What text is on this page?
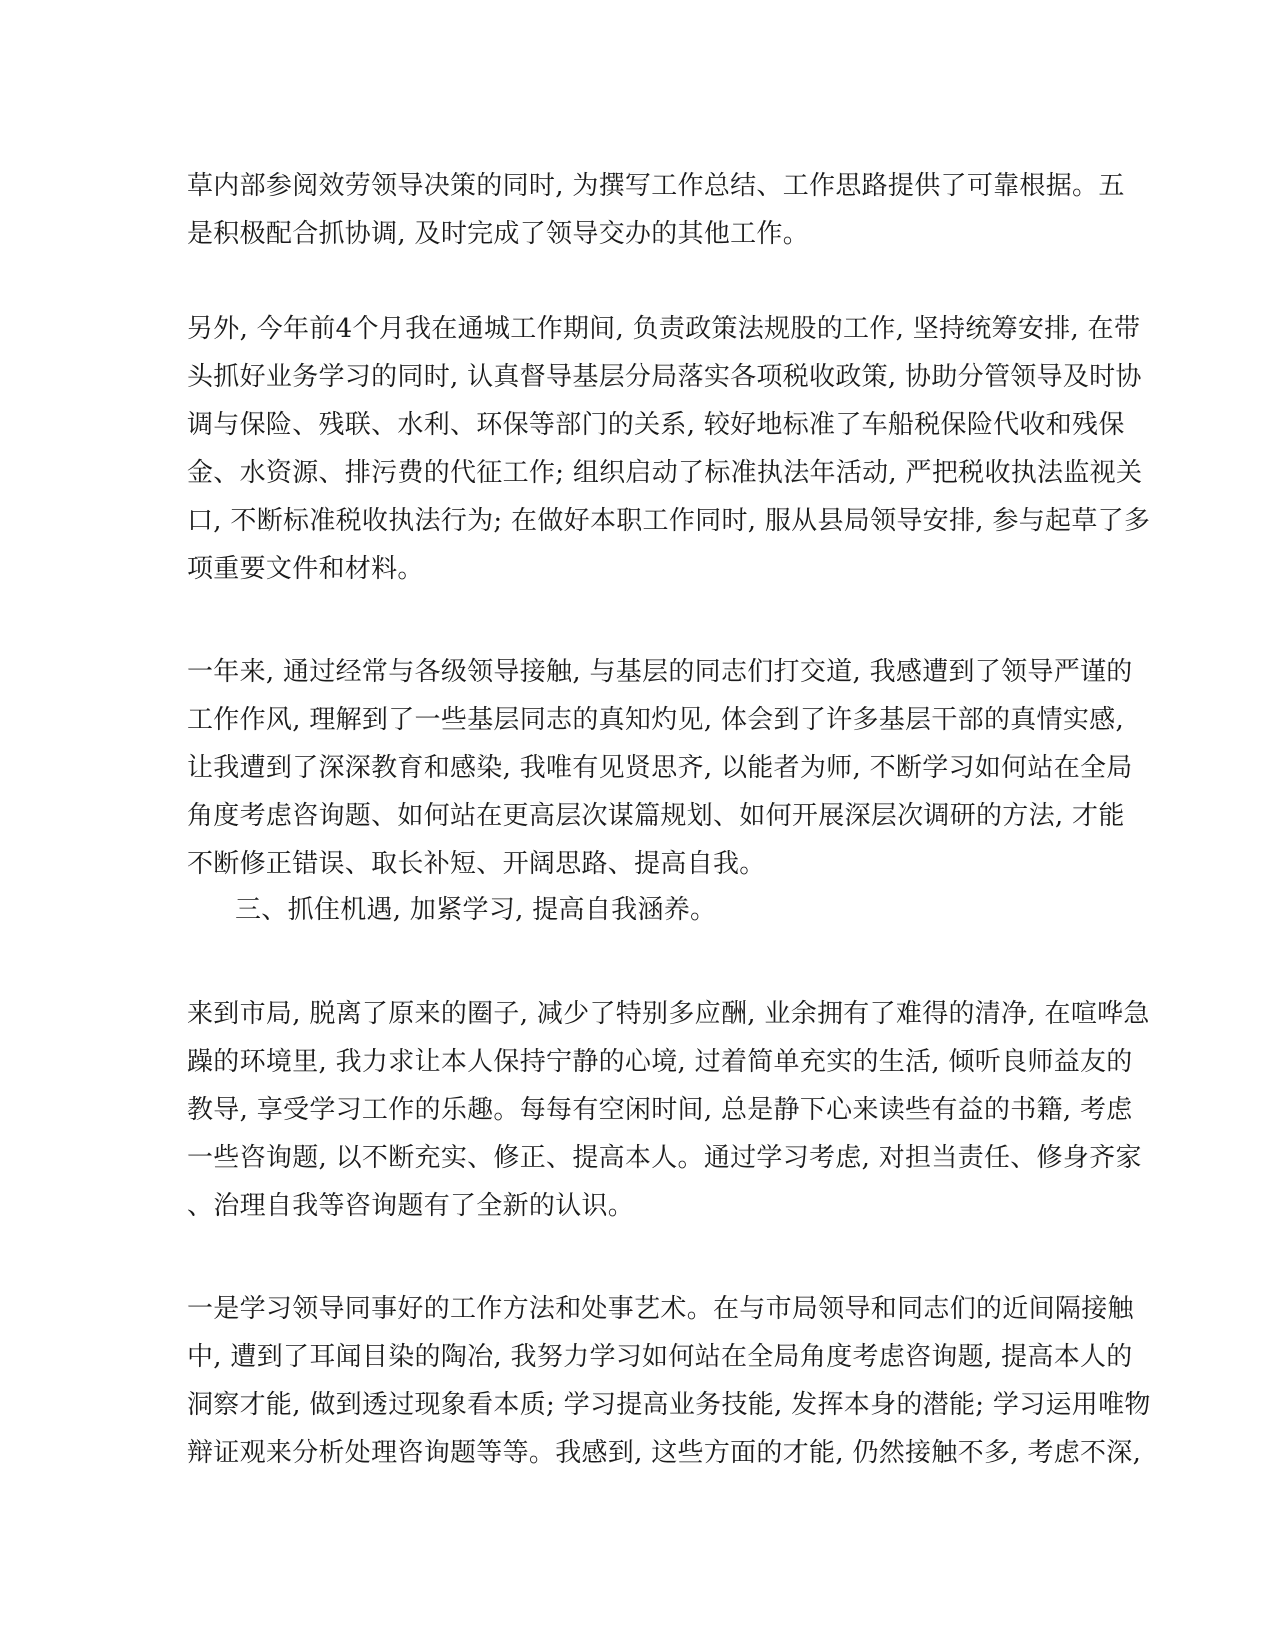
草内部参阅效劳领导决策的同时, 为撰写工作总结、工作思路提供了可靠根据。五
是积极配合抓协调, 及时完成了领导交办的其他工作。
另外, 今年前4个月我在通城工作期间, 负责政策法规股的工作, 坚持统筹安排, 在带
头抓好业务学习的同时, 认真督导基层分局落实各项税收政策, 协助分管领导及时协
调与保险、残联、水利、环保等部门的关系, 较好地标准了车船税保险代收和残保
金、水资源、排污费的代征工作; 组织启动了标准执法年活动, 严把税收执法监视关
口, 不断标准税收执法行为; 在做好本职工作同时, 服从县局领导安排, 参与起草了多
项重要文件和材料。
一年来, 通过经常与各级领导接触, 与基层的同志们打交道, 我感遭到了领导严谨的
工作作风, 理解到了一些基层同志的真知灼见, 体会到了许多基层干部的真情实感,
让我遭到了深深教育和感染, 我唯有见贤思齐, 以能者为师, 不断学习如何站在全局
角度考虑咨询题、如何站在更高层次谋篇规划、如何开展深层次调研的方法, 才能
不断修正错误、取长补短、开阔思路、提高自我。
三、抓住机遇, 加紧学习, 提高自我涵养。
来到市局, 脱离了原来的圈子, 减少了特别多应酬, 业余拥有了难得的清净, 在喧哗急
躁的环境里, 我力求让本人保持宁静的心境, 过着简单充实的生活, 倾听良师益友的
教导, 享受学习工作的乐趣。每每有空闲时间, 总是静下心来读些有益的书籍, 考虑
一些咨询题, 以不断充实、修正、提高本人。通过学习考虑, 对担当责任、修身齐家
、治理自我等咨询题有了全新的认识。
一是学习领导同事好的工作方法和处事艺术。在与市局领导和同志们的近间隔接触
中, 遭到了耳闻目染的陶冶, 我努力学习如何站在全局角度考虑咨询题, 提高本人的
洞察才能, 做到透过现象看本质; 学习提高业务技能, 发挥本身的潜能; 学习运用唯物
辩证观来分析处理咨询题等等。我感到, 这些方面的才能, 仍然接触不多, 考虑不深,
